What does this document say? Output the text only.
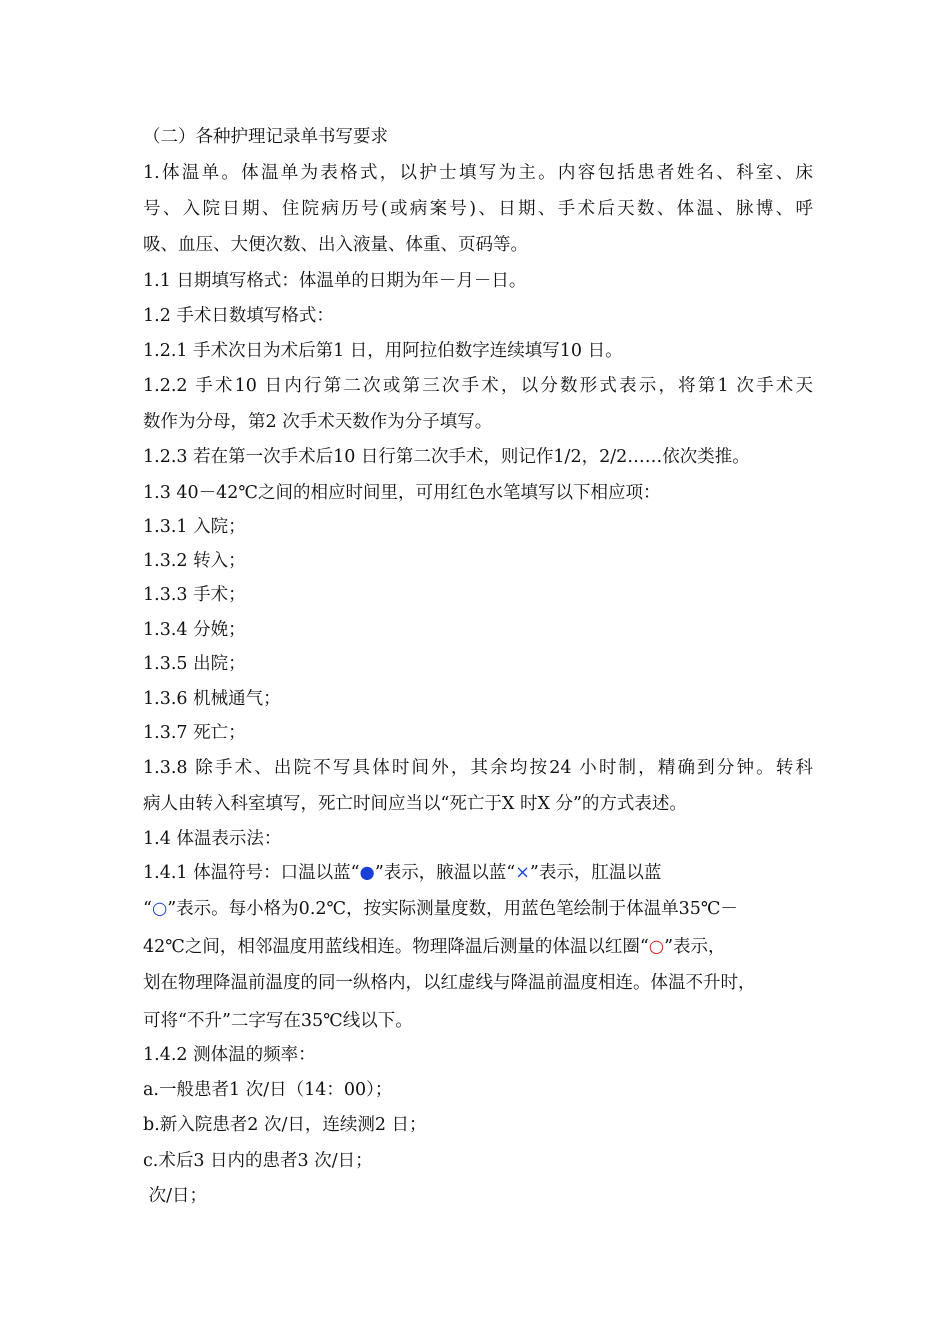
（二）各种护理记录单书写要求
1.体温单。体温单为表格式，以护士填写为主。内容包括患者姓名、科室、床
号、入院日期、住院病历号(或病案号)、日期、手术后天数、体温、脉博、呼
吸、血压、大便次数、出入液量、体重、页码等。
1.1 日期填写格式：体温单的日期为年－月－日。
1.2 手术日数填写格式：
1.2.1 手术次日为术后第1 日，用阿拉伯数字连续填写10 日。
1.2.2 手术10 日内行第二次或第三次手术，以分数形式表示，将第1 次手术天
数作为分母，第2 次手术天数作为分子填写。
1.2.3 若在第一次手术后10 日行第二次手术，则记作1/2，2/2……依次类推。
1.3 40－42℃之间的相应时间里，可用红色水笔填写以下相应项：
1.3.1 入院；
1.3.2 转入；
1.3.3 手术；
1.3.4 分娩；
1.3.5 出院；
1.3.6 机械通气；
1.3.7 死亡；
1.3.8 除手术、出院不写具体时间外，其余均按24 小时制，精确到分钟。转科
病人由转入科室填写，死亡时间应当以“死亡于X 时X 分”的方式表述。
1.4 体温表示法：
1.4.1 体温符号：口温以蓝“●”表示，腋温以蓝“×”表示，肛温以蓝
“○”表示。每小格为0.2℃，按实际测量度数，用蓝色笔绘制于体温单35℃－
42℃之间，相邻温度用蓝线相连。物理降温后测量的体温以红圈“○”表示，
划在物理降温前温度的同一纵格内，以红虚线与降温前温度相连。体温不升时，
可将“不升”二字写在35℃线以下。
1.4.2 测体温的频率：
a.一般患者1 次/日（14：00）；
b.新入院患者2 次/日，连续测2 日；
c.术后3 日内的患者3 次/日；
次/日；
